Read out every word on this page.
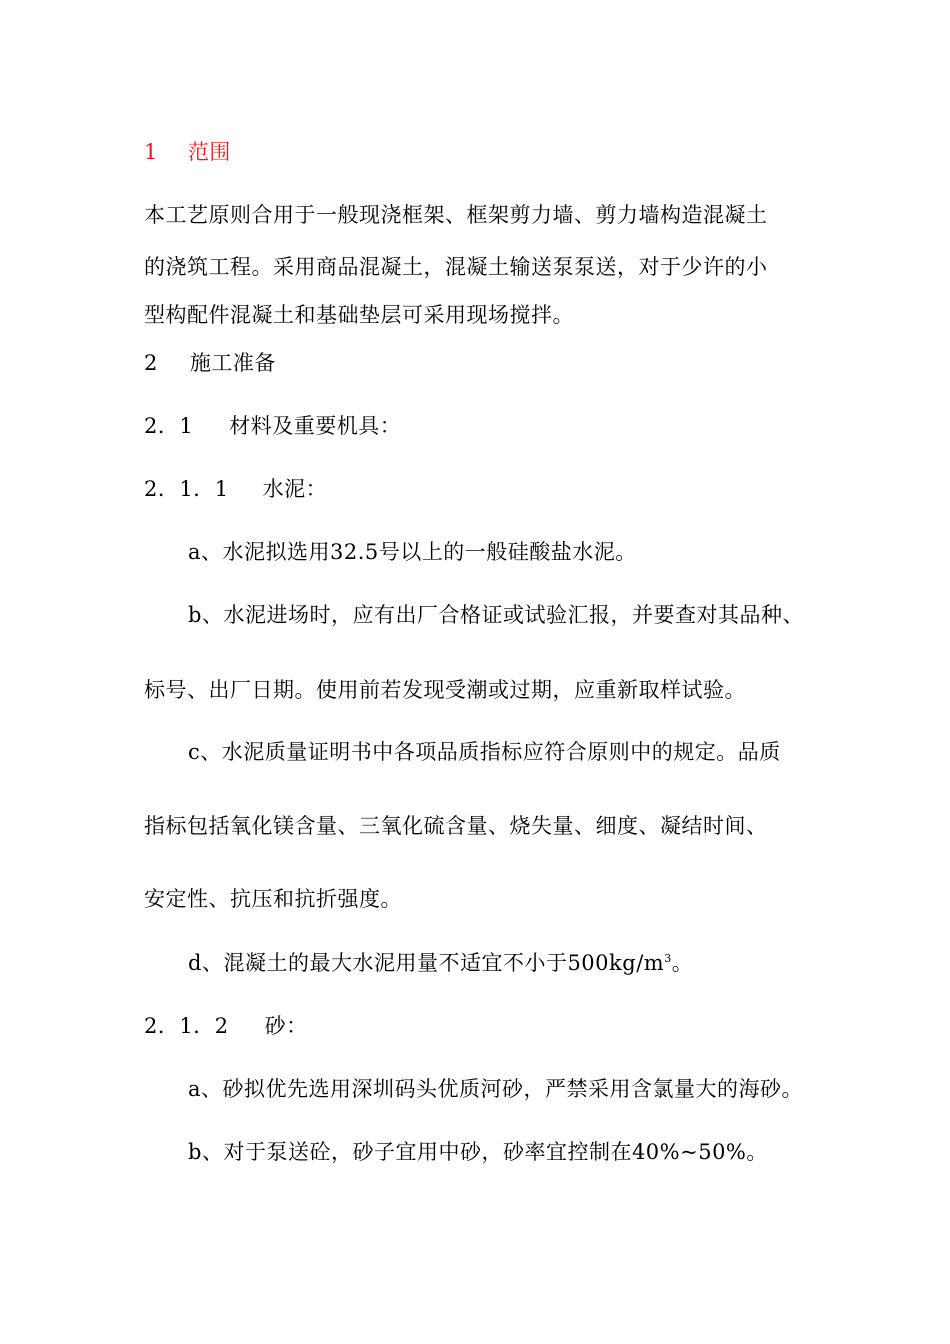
1 范围
本工艺原则合用于一般现浇框架、框架剪力墙、剪力墙构造混凝土
的浇筑工程。采用商品混凝土，混凝土输送泵泵送，对于少许的小
型构配件混凝土和基础垫层可采用现场搅拌。
2 施工准备
2．1 材料及重要机具：
2．1．1 水泥：
a、水泥拟选用32.5号以上的一般硅酸盐水泥。
b、水泥进场时，应有出厂合格证或试验汇报，并要查对其品种、
标号、出厂日期。使用前若发现受潮或过期，应重新取样试验。
c、水泥质量证明书中各项品质指标应符合原则中的规定。品质
指标包括氧化镁含量、三氧化硫含量、烧失量、细度、凝结时间、
安定性、抗压和抗折强度。
d、混凝土的最大水泥用量不适宜不小于$500kg/m^3$。
2．1．2 砂：
a、砂拟优先选用深圳码头优质河砂，严禁采用含氯量大的海砂。
b、对于泵送砼，砂子宜用中砂，砂率宜控制在40%~50%。
